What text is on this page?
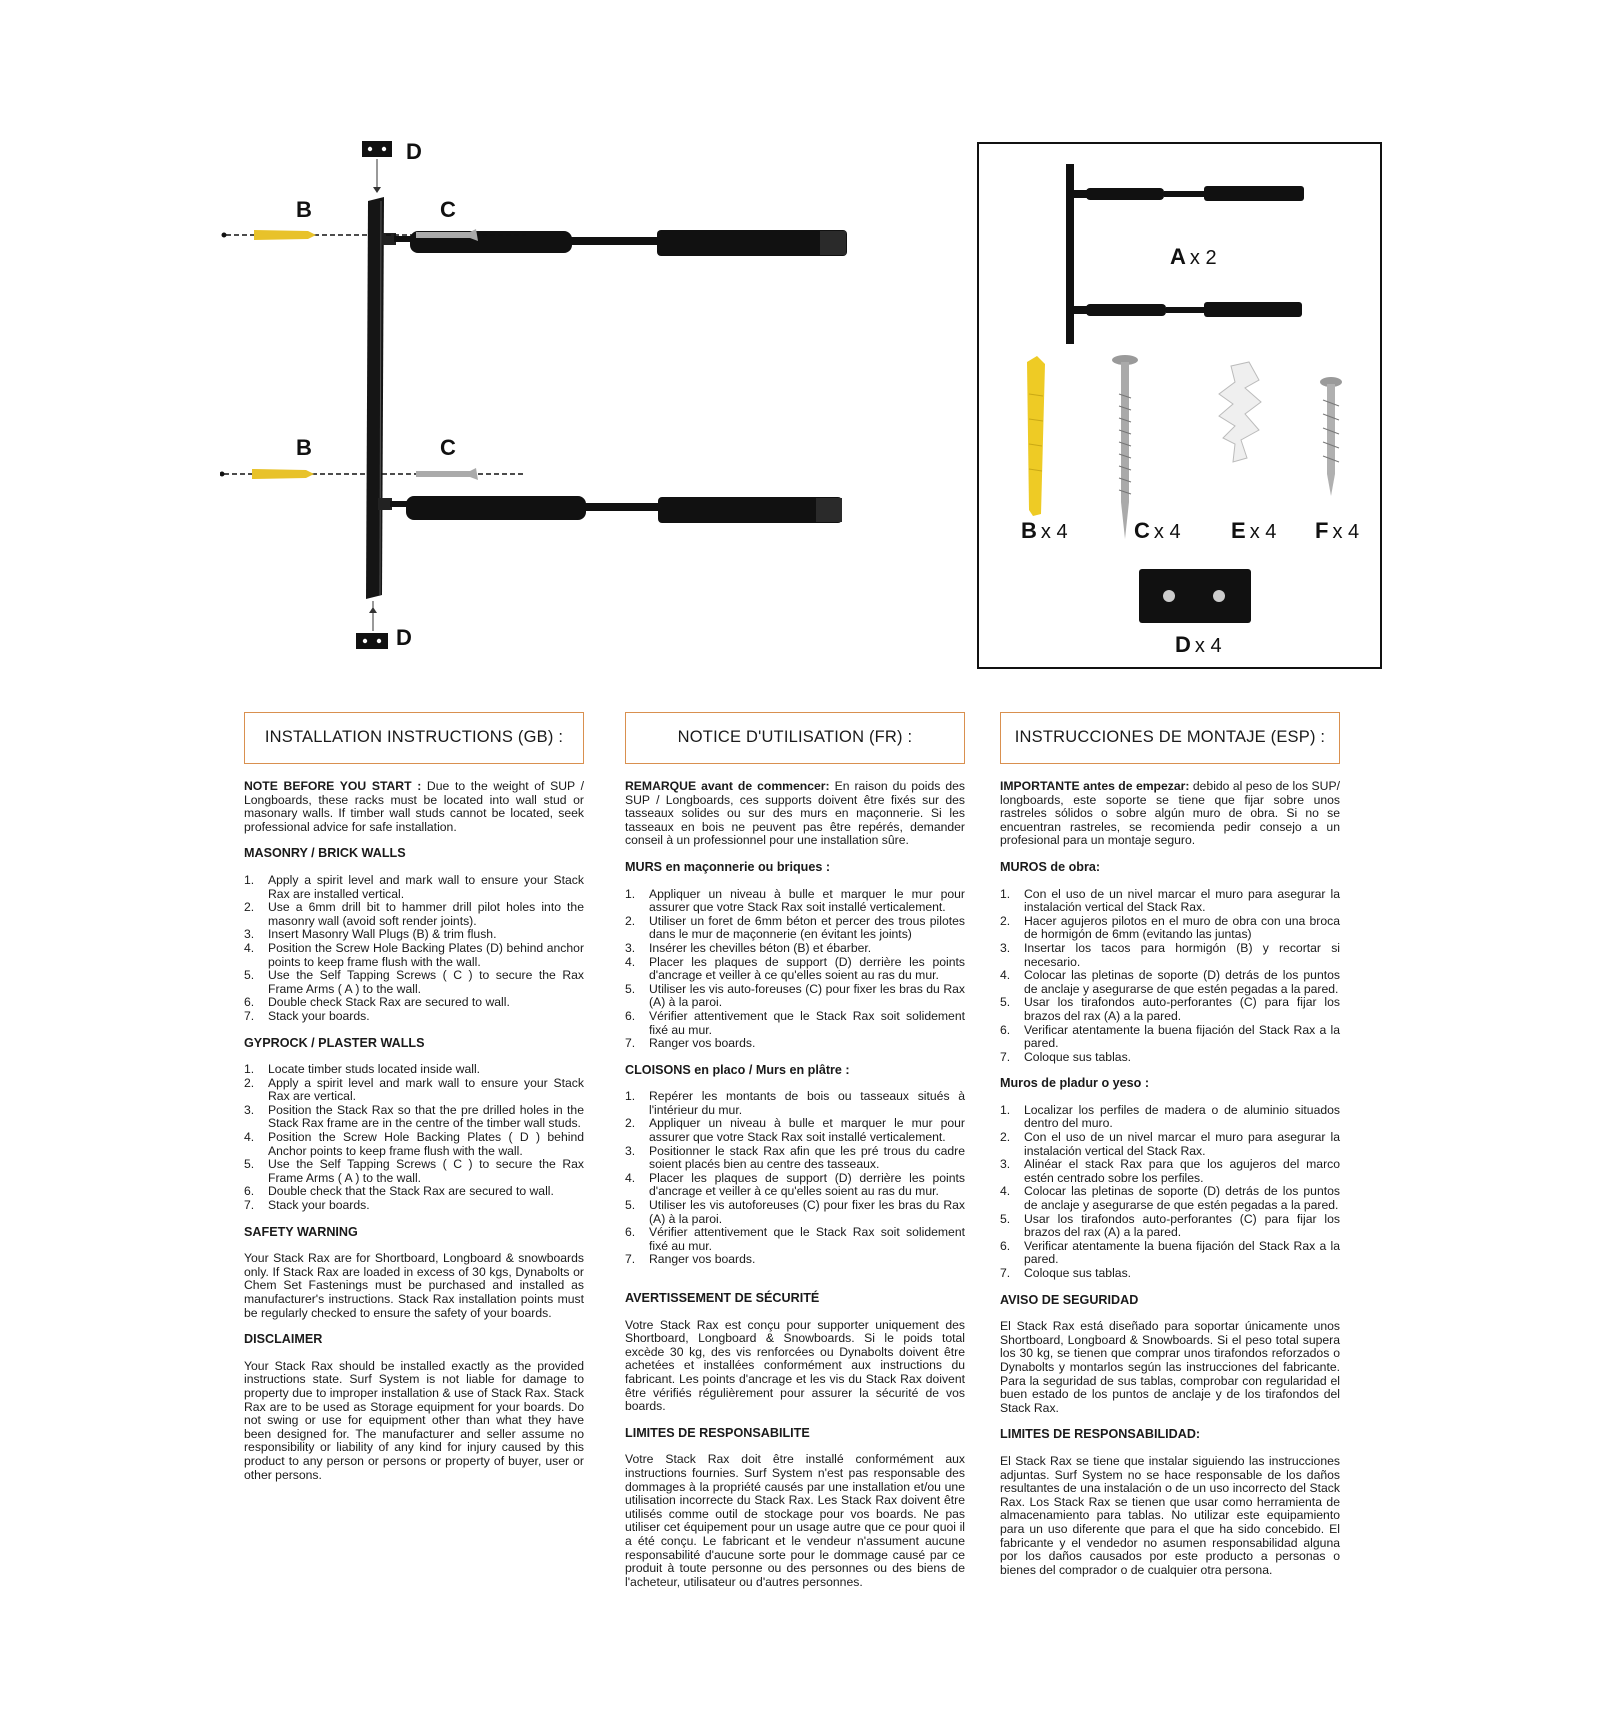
D
B	C
A
B	C
D
A x 2
B x 4	C x 4 E x 4 F x 4
D x 4
INSTALLATION INSTRUCTIONS (GB) :

NOTE BEFORE YOU START : Due to the weight of SUP / Longboards, these racks must be located into wall stud or masonary walls. If timber wall studs cannot be located, seek professional advice for safe installation.

MASONRY / BRICK WALLS
1.	Apply a spirit level and mark wall to ensure your Stack Rax are installed vertical.
2.	Use a 6mm drill bit to hammer drill pilot holes into the masonry wall (avoid soft render joints).
3.	Insert Masonry Wall Plugs (B) & trim flush.
4.	Position the Screw Hole Backing Plates (D) behind anchor points to keep frame flush with the wall.
5.	Use the Self Tapping Screws ( C ) to secure the Rax Frame Arms ( A ) to the wall.
6.	Double check Stack Rax are secured to wall.
7.	Stack your boards.
GYPROCK / PLASTER WALLS
1.	Locate timber studs located inside wall.
2.	Apply a spirit level and mark wall to ensure your Stack Rax are vertical.
3.	Position the Stack Rax so that the pre drilled holes in the Stack Rax frame are in the centre of the timber wall studs.
4.	Position the Screw Hole Backing Plates ( D ) behind Anchor points to keep frame flush with the wall.
5.	Use the Self Tapping Screws ( C ) to secure the Rax Frame Arms ( A ) to the wall.
6.	Double check that the Stack Rax are secured to wall.
7.	Stack your boards.
SAFETY WARNING

Your Stack Rax are for Shortboard, Longboard & snowboards only. If Stack Rax are loaded in excess of 30 kgs, Dynabolts or Chem Set Fastenings must be purchased and installed as manufacturer's instructions. Stack Rax installation points must be regularly checked to ensure the safety of your boards.

DISCLAIMER

Your Stack Rax should be installed exactly as the provided instructions state. Surf System is not liable for damage to property due to improper installation & use of Stack Rax. Stack Rax are to be used as Storage equipment for your boards. Do not swing or use for equipment other than what they have been designed for. The manufacturer and seller assume no responsibility or liability of any kind for injury caused by this product to any person or persons or property of buyer, user or other persons.

NOTICE D'UTILISATION (FR) :

REMARQUE avant de commencer: En raison du poids des SUP / Longboards, ces supports doivent être fixés sur des tasseaux solides ou sur des murs en maçonnerie. Si les tasseaux en bois ne peuvent pas être repérés, demander conseil à un professionnel pour une installation sûre.

MURS en maçonnerie ou briques :
1.	Appliquer un niveau à bulle et marquer le mur pour assurer que votre Stack Rax soit installé verticalement.
2.	Utiliser un foret de 6mm béton et percer des trous pilotes dans le mur de maçonnerie (en évitant les joints)
3.	Insérer les chevilles béton (B) et ébarber.
4.	Placer les plaques de support (D) derrière les points d'ancrage et veiller à ce qu'elles soient au ras du mur.
5.	Utiliser les vis auto-foreuses (C) pour fixer les bras du Rax (A) à la paroi.
6.	Vérifier attentivement que le Stack Rax soit solidement fixé au mur.
7.	Ranger vos boards.
CLOISONS en placo / Murs en plâtre :
1.	Repérer les montants de bois ou tasseaux situés à l'intérieur du mur.
2.	Appliquer un niveau à bulle et marquer le mur pour assurer que votre Stack Rax soit installé verticalement.
3.	Positionner le stack Rax afin que les pré trous du cadre soient placés bien au centre des tasseaux.
4.	Placer les plaques de support (D) derrière les points d'ancrage et veiller à ce qu'elles soient au ras du mur.
5.	Utiliser les vis autoforeuses (C) pour fixer les bras du Rax (A) à la paroi.
6.	Vérifier attentivement que le Stack Rax soit solidement fixé au mur.
7.	Ranger vos boards.
AVERTISSEMENT DE SÉCURITÉ

Votre Stack Rax est conçu pour supporter uniquement des Shortboard, Longboard & Snowboards. Si le poids total excède 30 kg, des vis renforcées ou Dynabolts doivent être achetées et installées conformément aux instructions du fabricant. Les points d'ancrage et les vis du Stack Rax doivent être vérifiés régulièrement pour assurer la sécurité de vos boards.

LIMITES DE RESPONSABILITE

Votre Stack Rax doit être installé conformément aux instructions fournies. Surf System n'est pas responsable des dommages à la propriété causés par une installation et/ou une utilisation incorrecte du Stack Rax. Les Stack Rax doivent être utilisés comme outil de stockage pour vos boards. Ne pas utiliser cet équipement pour un usage autre que ce pour quoi il a été conçu. Le fabricant et le vendeur n'assument aucune responsabilité d'aucune sorte pour le dommage causé par ce produit à toute personne ou des personnes ou des biens de l'acheteur, utilisateur ou d'autres personnes.

INSTRUCCIONES DE MONTAJE (ESP) :

IMPORTANTE antes de empezar: debido al peso de los SUP/ longboards, este soporte se tiene que fijar sobre unos rastreles sólidos o sobre algún muro de obra. Si no se encuentran rastreles, se recomienda pedir consejo a un profesional para un montaje seguro.

MUROS de obra:
1.	Con el uso de un nivel marcar el muro para asegurar la instalación vertical del Stack Rax.
2.	Hacer agujeros pilotos en el muro de obra con una broca de hormigón de 6mm (evitando las juntas)
3.	Insertar los tacos para hormigón (B) y recortar si necesario.
4.	Colocar las pletinas de soporte (D) detrás de los puntos de anclaje y asegurarse de que estén pegadas a la pared.
5.	Usar los tirafondos auto-perforantes (C) para fijar los brazos del rax (A) a la pared.
6.	Verificar atentamente la buena fijación del Stack Rax a la pared.
7.	Coloque sus tablas.
Muros de pladur o yeso :
1.	Localizar los perfiles de madera o de aluminio situados dentro del muro.
2.	Con el uso de un nivel marcar el muro para asegurar la instalación vertical del Stack Rax.
3.	Alinéar el stack Rax para que los agujeros del marco estén centrado sobre los perfiles.
4.	Colocar las pletinas de soporte (D) detrás de los puntos de anclaje y asegurarse de que estén pegadas a la pared.
5.	Usar los tirafondos auto-perforantes (C) para fijar los brazos del rax (A) a la pared.
6.	Verificar atentamente la buena fijación del Stack Rax a la pared.
7.	Coloque sus tablas.
AVISO DE SEGURIDAD

El Stack Rax está diseñado para soportar únicamente unos Shortboard, Longboard & Snowboards. Si el peso total supera los 30 kg, se tienen que comprar unos tirafondos reforzados o Dynabolts y montarlos según las instrucciones del fabricante. Para la seguridad de sus tablas, comprobar con regularidad el buen estado de los puntos de anclaje y de los tirafondos del Stack Rax.

LIMITES DE RESPONSABILIDAD:

El Stack Rax se tiene que instalar siguiendo las instrucciones adjuntas. Surf System no se hace responsable de los daños resultantes de una instalación o de un uso incorrecto del Stack Rax. Los Stack Rax se tienen que usar como herramienta de almacenamiento para tablas. No utilizar este equipamiento para un uso diferente que para el que ha sido concebido. El fabricante y el vendedor no asumen responsabilidad alguna por los daños causados por este producto a personas o bienes del comprador o de cualquier otra persona.
